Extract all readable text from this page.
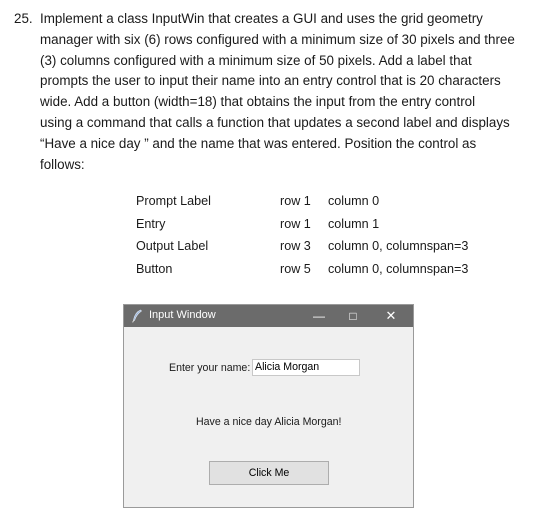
25. Implement a class InputWin that creates a GUI and uses the grid geometry
manager with six (6) rows configured with a minimum size of 30 pixels and three
(3) columns configured with a minimum size of 50 pixels. Add a label that
prompts the user to input their name into an entry control that is 20 characters
wide. Add a button (width=18) that obtains the input from the entry control
using a command that calls a function that updates a second label and displays
“Have a nice day ” and the name that was entered. Position the control as
follows:
Prompt Label	row 1 column 0
Entry	row 1 column 1
Output Label	row 3 column 0, columnspan=3
Button	row 5 column 0, columnspan=3
Input Window	—	□	✕
Enter your name: Alicia Morgan
Have a nice day Alicia Morgan!
Click Me
